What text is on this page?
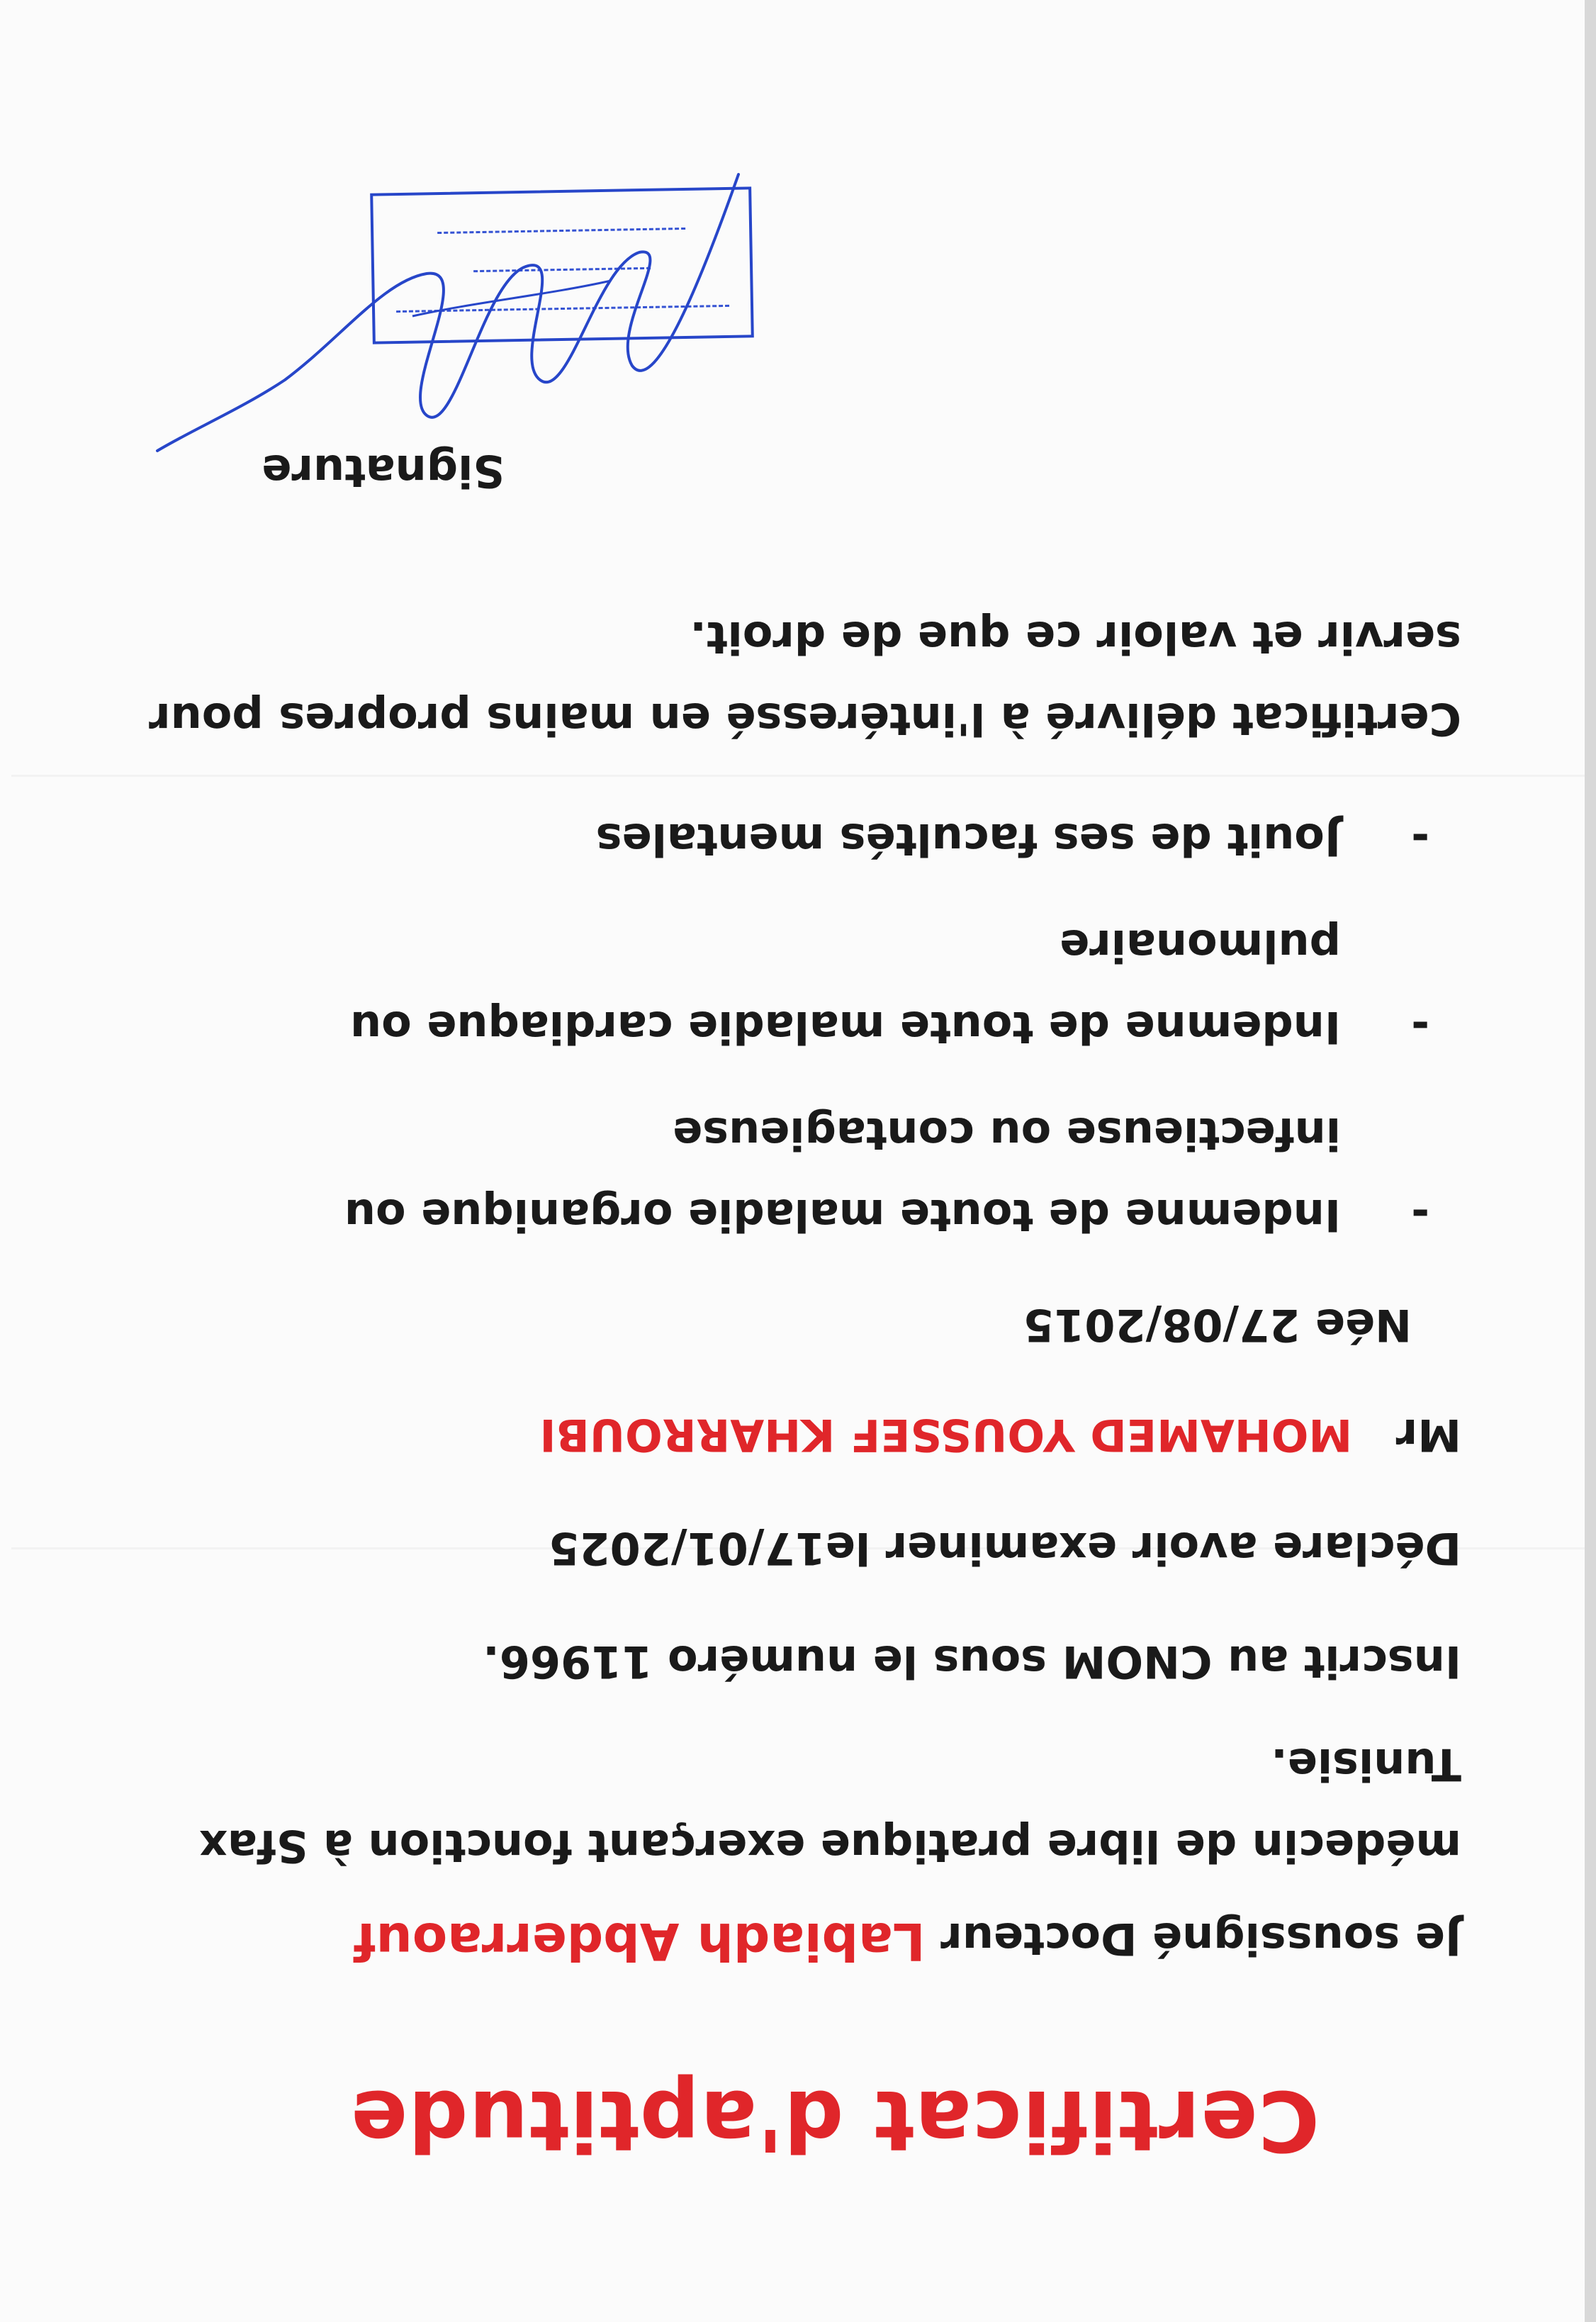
Certificat d'aptitude
Je soussigné Docteur Labiadh Abderraouf
médecin de libre pratique exerçant fonction à Sfax
Tunisie.
Inscrit au CNOM sous le numéro 11966.
Déclare avoir examiner le17/01/2025
Mr MOHAMED YOUSSEF KHARROUBI
Née 27/08/2015
-
Indemne de toute maladie organique ou
infectieuse ou contagieuse
-
Indemne de toute maladie cardiaque ou
pulmonaire
-
Jouit de ses facultés mentales
Certificat délivré à l'intéressé en mains propres pour
servir et valoir ce que de droit.
Signature
